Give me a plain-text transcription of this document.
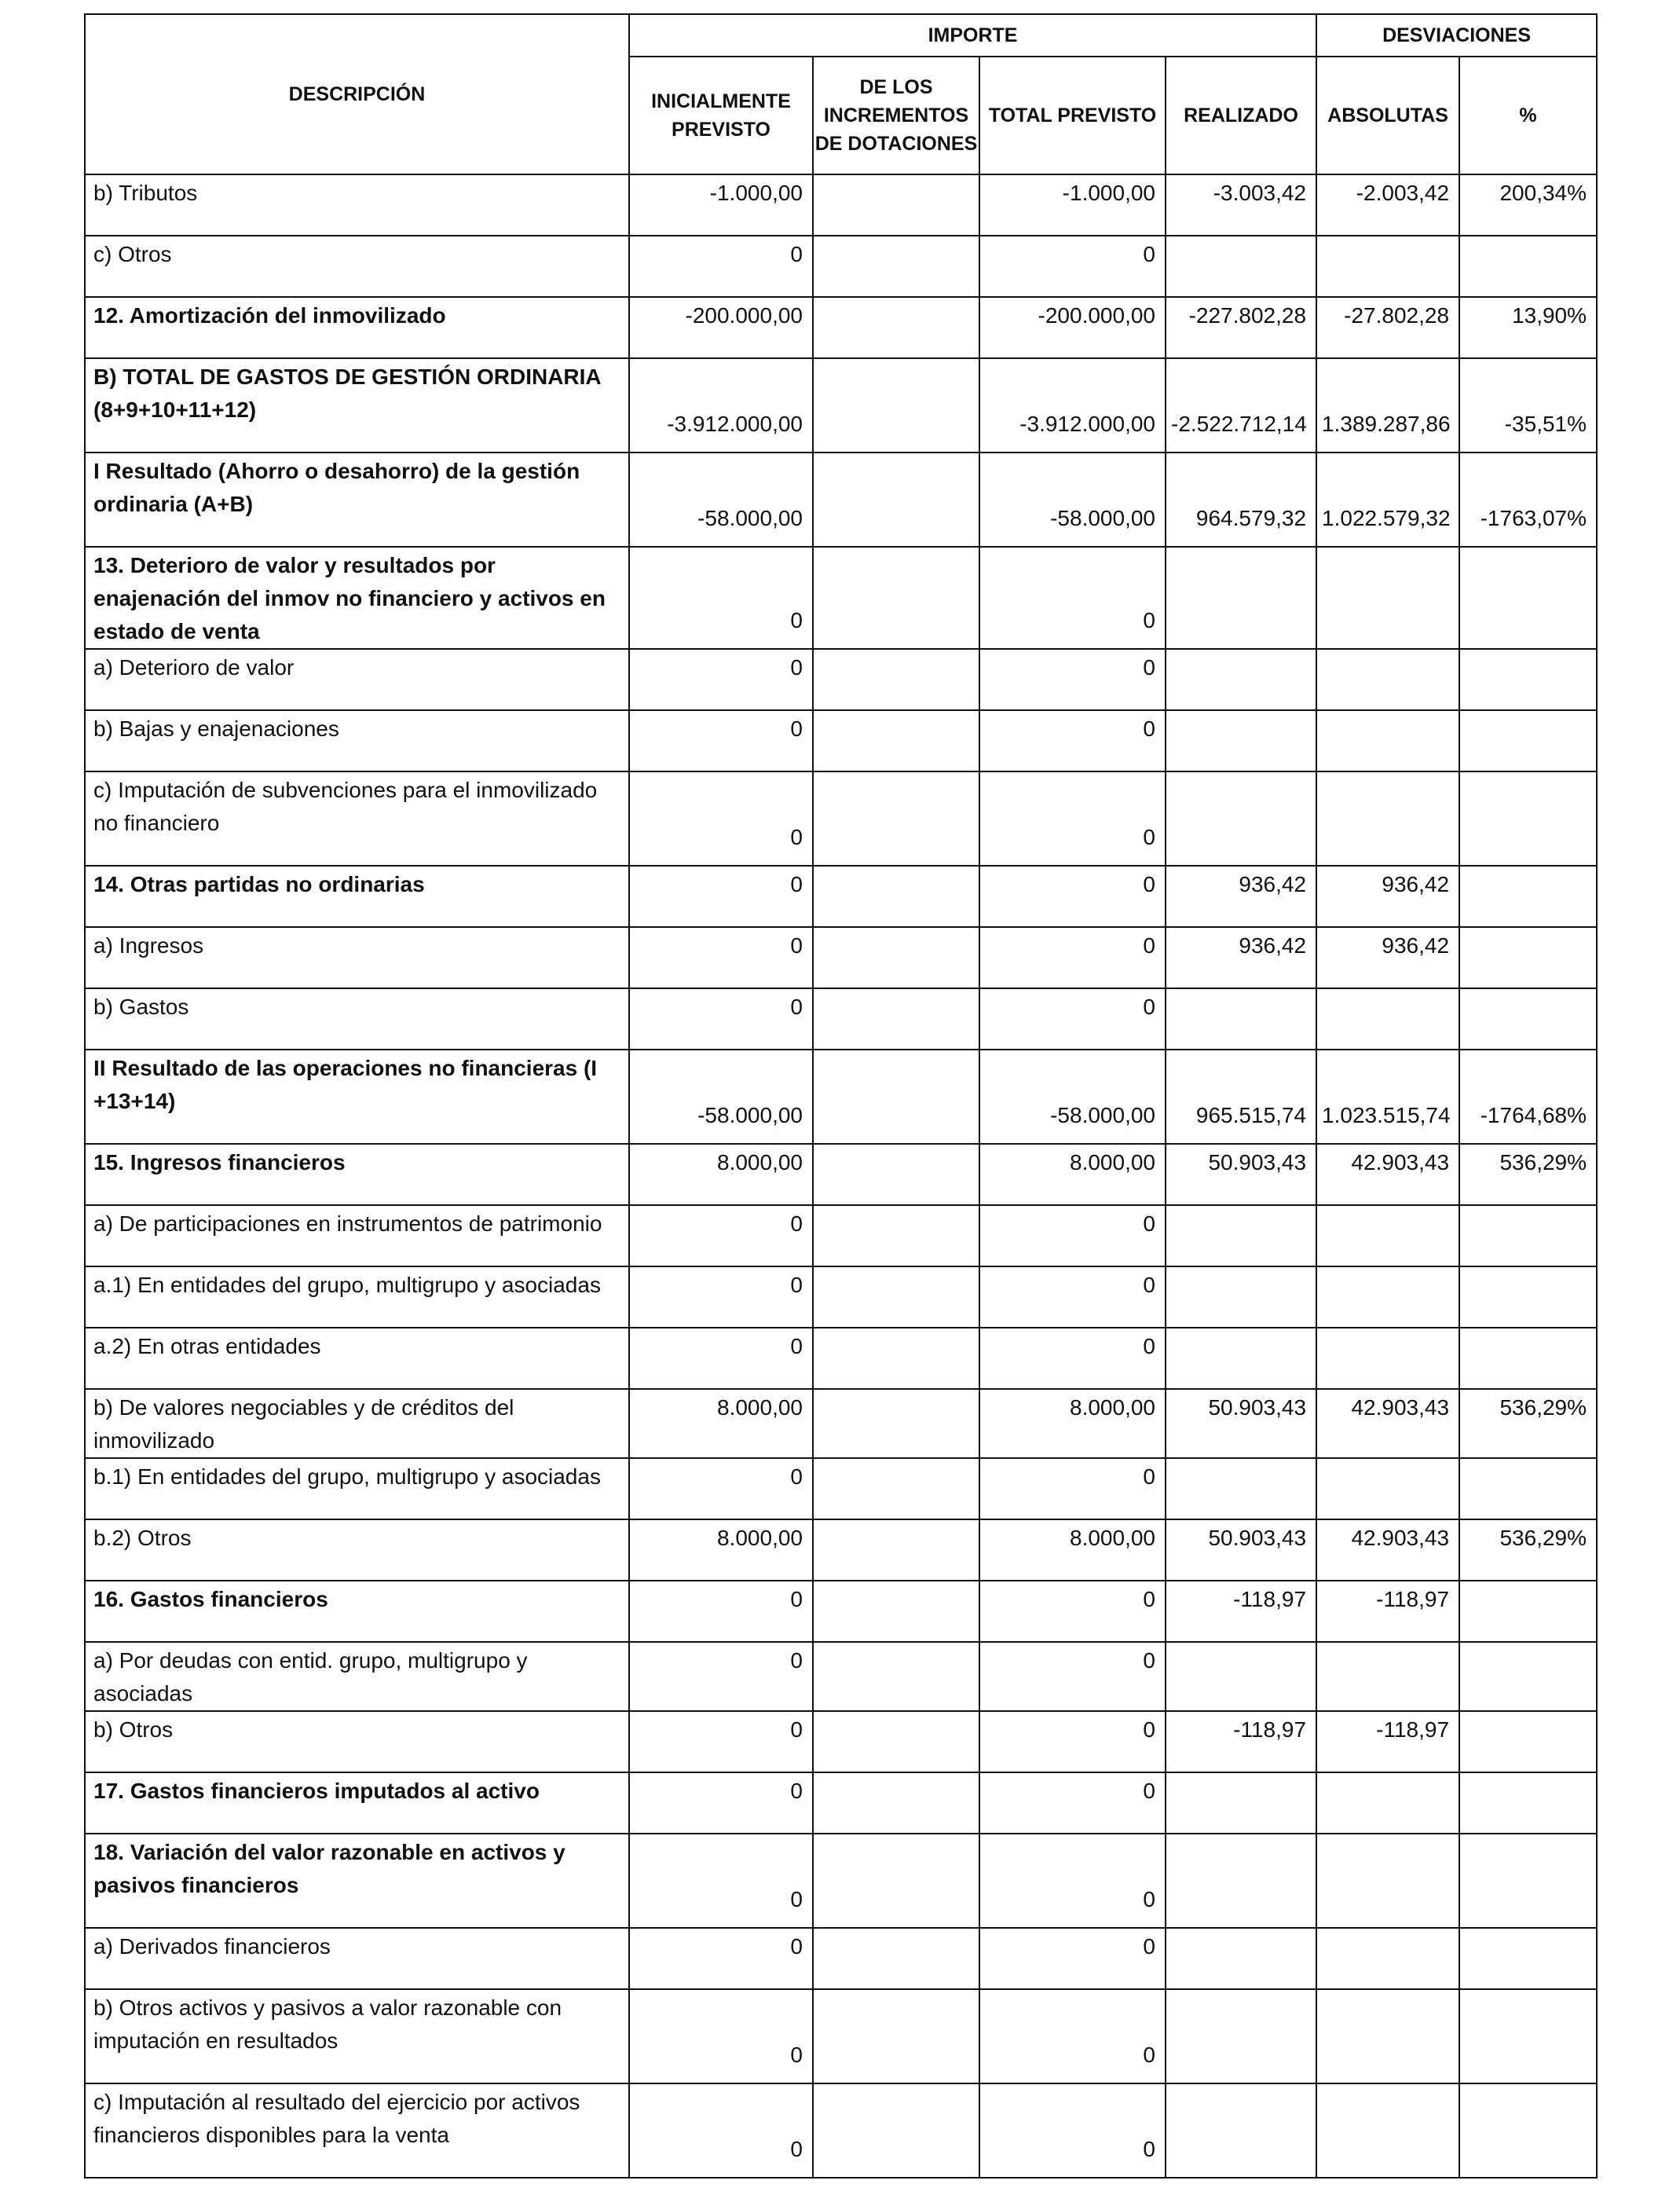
DESCRIPCIÓN	IMPORTE				DESVIACIONES	
	INICIALMENTE PREVISTO	DE LOS INCREMENTOS DE DOTACIONES	TOTAL PREVISTO	REALIZADO	ABSOLUTAS	%
b) Tributos	-1.000,00		-1.000,00	-3.003,42	-2.003,42	200,34%
c) Otros	0		0			
12. Amortización del inmovilizado	-200.000,00		-200.000,00	-227.802,28	-27.802,28	13,90%
B) TOTAL DE GASTOS DE GESTIÓN ORDINARIA (8+9+10+11+12)	-3.912.000,00		-3.912.000,00	-2.522.712,14	1.389.287,86	-35,51%
I Resultado (Ahorro o desahorro) de la gestión ordinaria (A+B)	-58.000,00		-58.000,00	964.579,32	1.022.579,32	-1763,07%
13. Deterioro de valor y resultados por enajenación del inmov no financiero y activos en estado de venta	0		0			
a) Deterioro de valor	0		0			
b) Bajas y enajenaciones	0		0			
c) Imputación de subvenciones para el inmovilizado no financiero	0		0			
14. Otras partidas no ordinarias	0		0	936,42	936,42	
a) Ingresos	0		0	936,42	936,42	
b) Gastos	0		0			
II Resultado de las operaciones no financieras (I +13+14)	-58.000,00		-58.000,00	965.515,74	1.023.515,74	-1764,68%
15. Ingresos financieros	8.000,00		8.000,00	50.903,43	42.903,43	536,29%
a) De participaciones en instrumentos de patrimonio	0		0			
a.1) En entidades del grupo, multigrupo y asociadas	0		0			
a.2) En otras entidades	0		0			
b) De valores negociables y de créditos del inmovilizado	8.000,00		8.000,00	50.903,43	42.903,43	536,29%
b.1) En entidades del grupo, multigrupo y asociadas	0		0			
b.2) Otros	8.000,00		8.000,00	50.903,43	42.903,43	536,29%
16. Gastos financieros	0		0	-118,97	-118,97	
a) Por deudas con entid. grupo, multigrupo y asociadas	0		0			
b) Otros	0		0	-118,97	-118,97	
17. Gastos financieros imputados al activo	0		0			
18. Variación del valor razonable en activos y pasivos financieros	0		0			
a) Derivados financieros	0		0			
b) Otros activos y pasivos a valor razonable con imputación en resultados	0		0			
c) Imputación al resultado del ejercicio por activos financieros disponibles para la venta	0		0			
